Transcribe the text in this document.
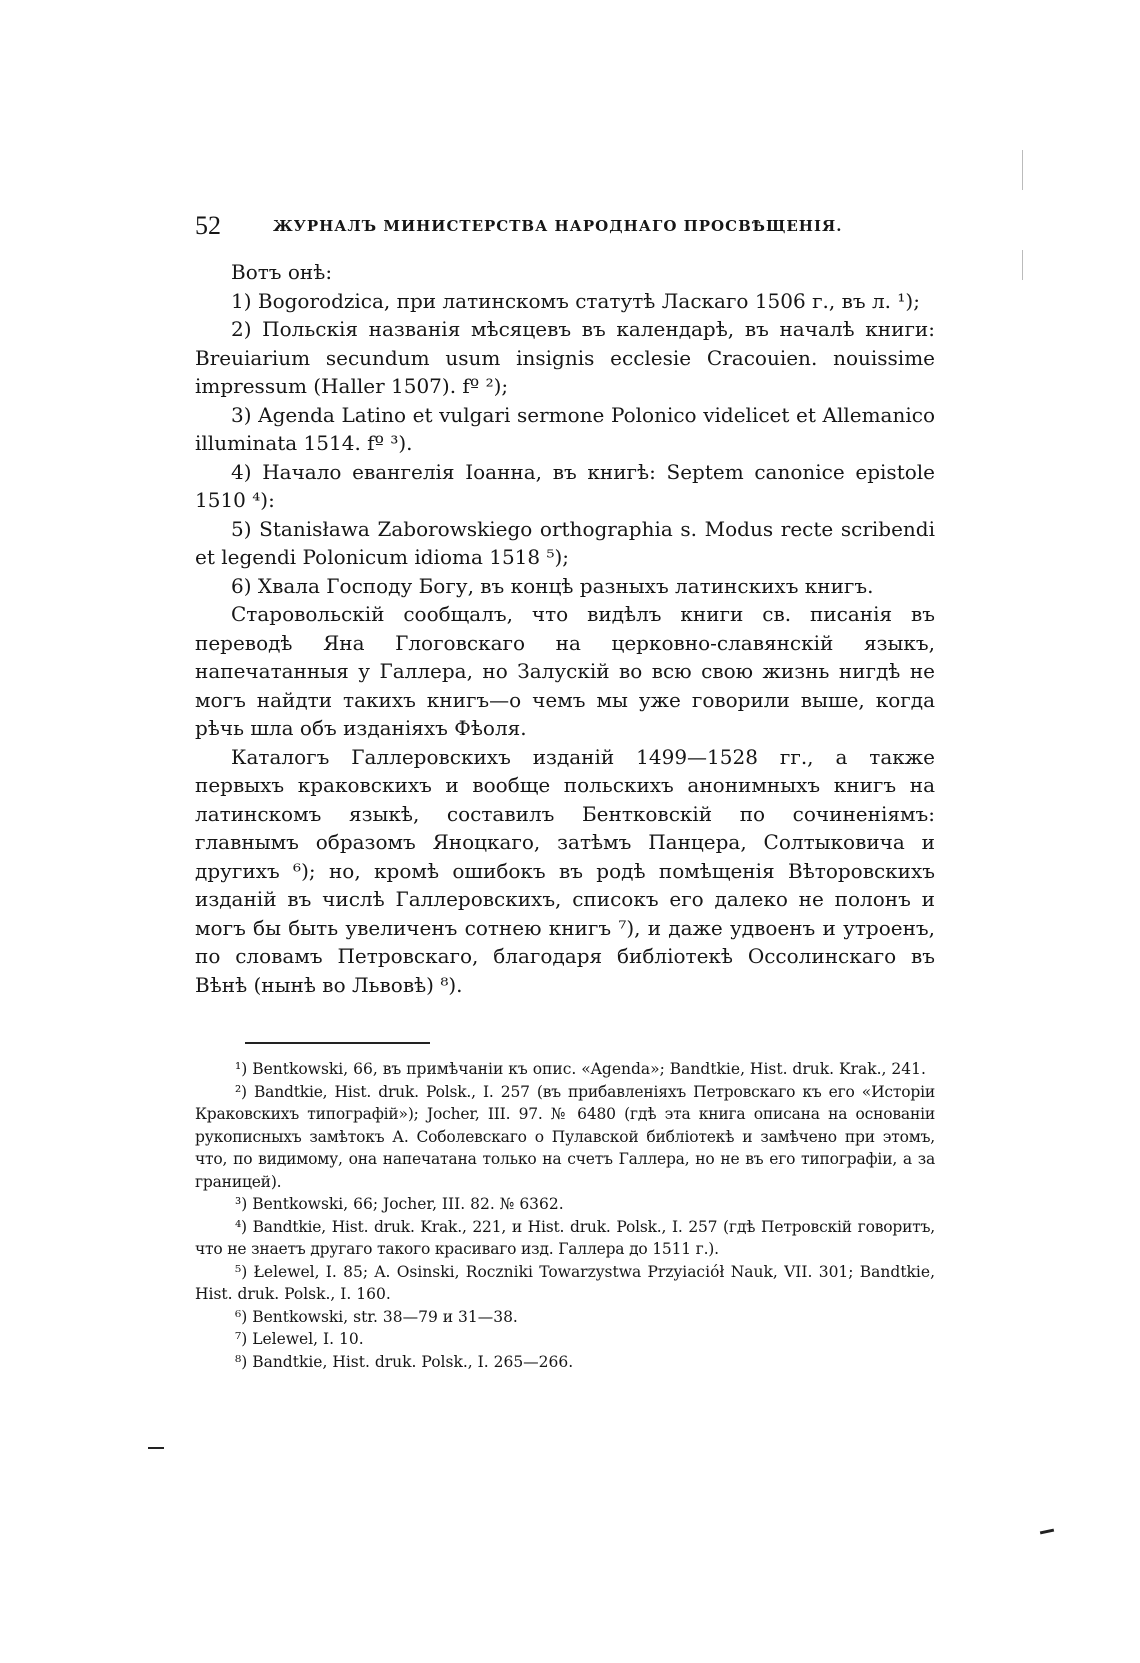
52	ЖУРНАЛЪ МИНИСТЕРСТВА НАРОДНАГО ПРОСВѢЩЕНІЯ.

Вотъ онѣ:

1) Bogorodzica, при латинскомъ статутѣ Ласкаго 1506 г., въ л. ¹);

2) Польскія названія мѣсяцевъ въ календарѣ, въ началѣ книги: Breuiarium secundum usum insignis ecclesie Cracouien. nouissime impressum (Haller 1507). fº ²);

3) Agenda Latino et vulgari sermone Polonico videlicet et Allemanico illuminata 1514. fº ³).

4) Начало евангелія Іоанна, въ книгѣ: Septem canonice epistole 1510 ⁴):

5) Stanisława Zaborowskiego orthographia s. Modus recte scribendi et legendi Polonicum idioma 1518 ⁵);

6) Хвала Господу Богу, въ концѣ разныхъ латинскихъ книгъ.

Старовольскій сообщалъ, что видѣлъ книги св. писанія въ переводѣ Яна Глоговскаго на церковно-славянскій языкъ, напечатанныя у Галлера, но Залускій во всю свою жизнь нигдѣ не могъ найдти такихъ книгъ—о чемъ мы уже говорили выше, когда рѣчь шла объ изданіяхъ Фѣоля.

Каталогъ Галлеровскихъ изданій 1499—1528 гг., а также первыхъ краковскихъ и вообще польскихъ анонимныхъ книгъ на латинскомъ языкѣ, составилъ Бентковскій по сочиненіямъ: главнымъ образомъ Яноцкаго, затѣмъ Панцера, Солтыковича и другихъ ⁶); но, кромѣ ошибокъ въ родѣ помѣщенія Вѣторовскихъ изданій въ числѣ Галлеровскихъ, списокъ его далеко не полонъ и могъ бы быть увеличенъ сотнею книгъ ⁷), и даже удвоенъ и утроенъ, по словамъ Петровскаго, благодаря библіотекѣ Оссолинскаго въ Вѣнѣ (нынѣ во Львовѣ) ⁸).

¹) Bentkowski, 66, въ примѣчаніи къ опис. «Agenda»; Bandtkie, Hist. druk. Krak., 241.

²) Bandtkie, Hist. druk. Polsk., I. 257 (въ прибавленіяхъ Петровскаго къ его «Исторіи Краковскихъ типографій»); Jocher, III. 97. № 6480 (гдѣ эта книга описана на основаніи рукописныхъ замѣтокъ А. Соболевскаго о Пулавской библіотекѣ и замѣчено при этомъ, что, по видимому, она напечатана только на счетъ Галлера, но не въ его типографіи, а за границей).

³) Bentkowski, 66; Jocher, III. 82. № 6362.

⁴) Bandtkie, Hist. druk. Krak., 221, и Hist. druk. Polsk., I. 257 (гдѣ Петровскій говоритъ, что не знаетъ другаго такого красиваго изд. Галлера до 1511 г.).

⁵) Łelewel, I. 85; A. Osinski, Roczniki Towarzystwa Przyiaciół Nauk, VII. 301; Bandtkie, Hist. druk. Polsk., I. 160.

⁶) Bentkowski, str. 38—79 и 31—38.

⁷) Lelewel, I. 10.

⁸) Bandtkie, Hist. druk. Polsk., I. 265—266.
